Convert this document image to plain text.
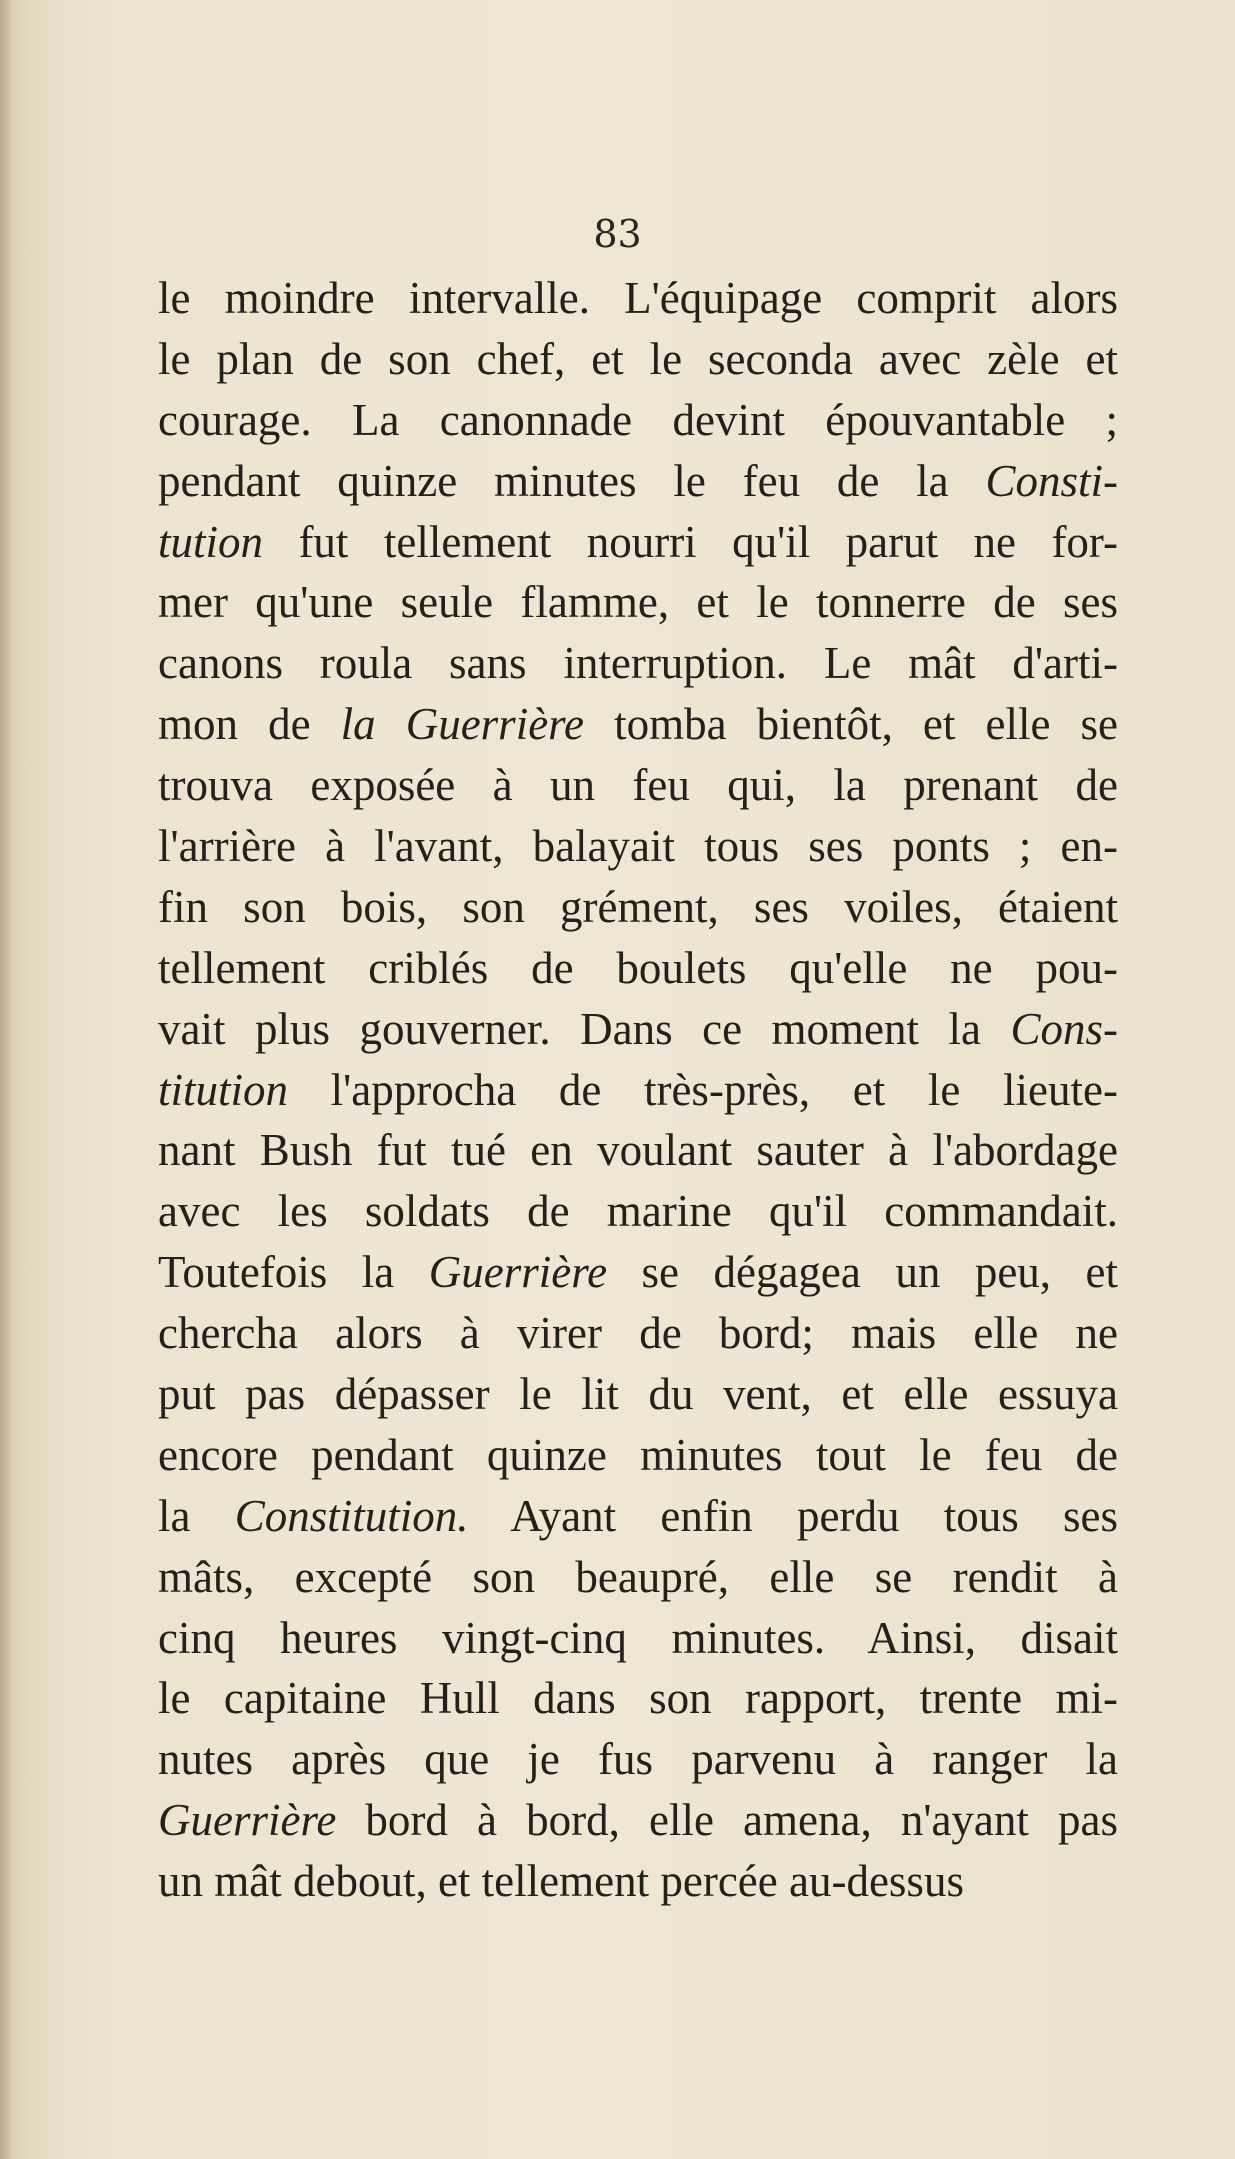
83

le moindre intervalle. L'équipage comprit alors
le plan de son chef, et le seconda avec zèle et
courage. La canonnade devint épouvantable ;
pendant quinze minutes le feu de la Consti-
tution fut tellement nourri qu'il parut ne for-
mer qu'une seule flamme, et le tonnerre de ses
canons roula sans interruption. Le mât d'arti-
mon de la Guerrière tomba bientôt, et elle se
trouva exposée à un feu qui, la prenant de
l'arrière à l'avant, balayait tous ses ponts ; en-
fin son bois, son grément, ses voiles, étaient
tellement criblés de boulets qu'elle ne pou-
vait plus gouverner. Dans ce moment la Cons-
titution l'approcha de très-près, et le lieute-
nant Bush fut tué en voulant sauter à l'abordage
avec les soldats de marine qu'il commandait.
Toutefois la Guerrière se dégagea un peu, et
chercha alors à virer de bord; mais elle ne
put pas dépasser le lit du vent, et elle essuya
encore pendant quinze minutes tout le feu de
la Constitution. Ayant enfin perdu tous ses
mâts, excepté son beaupré, elle se rendit à
cinq heures vingt-cinq minutes. Ainsi, disait
le capitaine Hull dans son rapport, trente mi-
nutes après que je fus parvenu à ranger la
Guerrière bord à bord, elle amena, n'ayant pas
un mât debout, et tellement percée au-dessus
